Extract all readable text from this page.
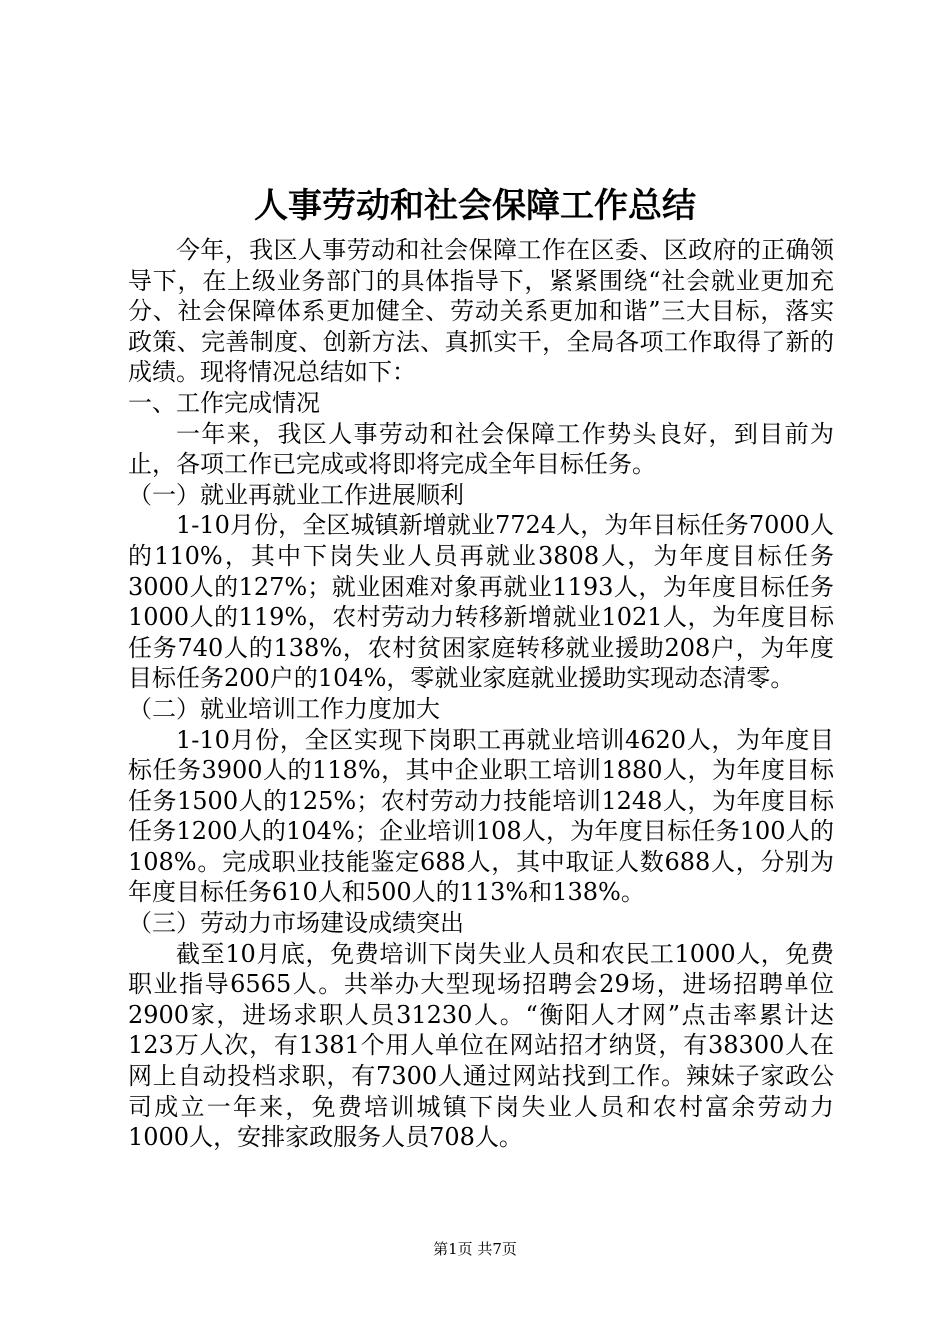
人事劳动和社会保障工作总结

今年，我区人事劳动和社会保障工作在区委、区政府的正确领导下，在上级业务部门的具体指导下，紧紧围绕“社会就业更加充分、社会保障体系更加健全、劳动关系更加和谐”三大目标，落实政策、完善制度、创新方法、真抓实干，全局各项工作取得了新的成绩。现将情况总结如下：

一、工作完成情况

一年来，我区人事劳动和社会保障工作势头良好，到目前为止，各项工作已完成或将即将完成全年目标任务。

（一）就业再就业工作进展顺利

1-10月份，全区城镇新增就业7724人，为年目标任务7000人的110%，其中下岗失业人员再就业3808人，为年度目标任务3000人的127%；就业困难对象再就业1193人，为年度目标任务1000人的119%，农村劳动力转移新增就业1021人，为年度目标任务740人的138%，农村贫困家庭转移就业援助208户，为年度目标任务200户的104%，零就业家庭就业援助实现动态清零。

（二）就业培训工作力度加大

1-10月份，全区实现下岗职工再就业培训4620人，为年度目标任务3900人的118%，其中企业职工培训1880人，为年度目标任务1500人的125%；农村劳动力技能培训1248人，为年度目标任务1200人的104%；企业培训108人，为年度目标任务100人的108%。完成职业技能鉴定688人，其中取证人数688人，分别为年度目标任务610人和500人的113%和138%。

（三）劳动力市场建设成绩突出

截至10月底，免费培训下岗失业人员和农民工1000人，免费职业指导6565人。共举办大型现场招聘会29场，进场招聘单位2900家，进场求职人员31230人。“衡阳人才网”点击率累计达123万人次，有1381个用人单位在网站招才纳贤，有38300人在网上自动投档求职，有7300人通过网站找到工作。辣妹子家政公司成立一年来，免费培训城镇下岗失业人员和农村富余劳动力1000人，安排家政服务人员708人。

第1页 共7页
